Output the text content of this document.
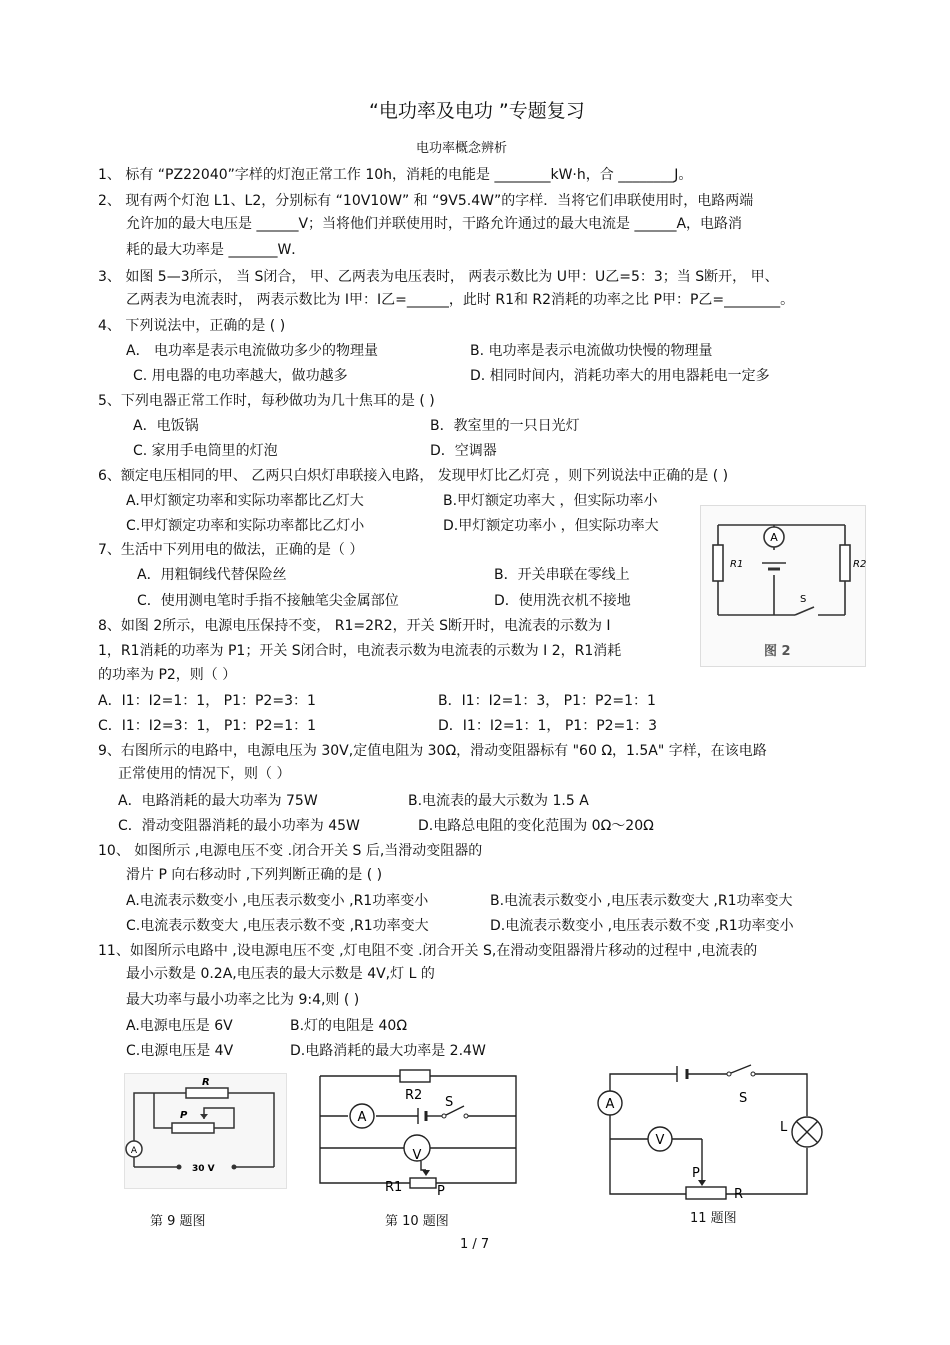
“电功率及电功 ”专题复习
电功率概念辨析
1、 标有 “PZ22040”字样的灯泡正常工作 10h，消耗的电能是 ________kW·h，合 ________J。
2、 现有两个灯泡 L1、L2，分别标有 “10V10W” 和 “9V5.4W”的字样．当将它们串联使用时，电路两端
允许加的最大电压是 ______V；当将他们并联使用时，干路允许通过的最大电流是 ______A，电路消
耗的最大功率是 _______W．
3、 如图 5—3所示， 当 S闭合， 甲、乙两表为电压表时， 两表示数比为 U甲：U乙=5：3；当 S断开， 甲、
乙两表为电流表时， 两表示数比为 I甲：I乙=______，此时 R1和 R2消耗的功率之比 P甲：P乙=________。
4、 下列说法中，正确的是 ( )
A． 电功率是表示电流做功多少的物理量	B. 电功率是表示电流做功快慢的物理量
C. 用电器的电功率越大，做功越多	D. 相同时间内，消耗功率大的用电器耗电一定多
5、下列电器正常工作时，每秒做功为几十焦耳的是 ( )
A．电饭锅	B．教室里的一只日光灯
C. 家用手电筒里的灯泡	D．空调器
6、额定电压相同的甲、 乙两只白炽灯串联接入电路， 发现甲灯比乙灯亮 ，则下列说法中正确的是 ( )
A.甲灯额定功率和实际功率都比乙灯大	B.甲灯额定功率大 ，但实际功率小
C.甲灯额定功率和实际功率都比乙灯小	D.甲灯额定功率小 ，但实际功率大
7、生活中下列用电的做法，正确的是（ ）
A．用粗铜线代替保险丝	B．开关串联在零线上
C．使用测电笔时手指不接触笔尖金属部位	D．使用洗衣机不接地
8、如图 2所示，电源电压保持不变， R1=2R2，开关 S断开时，电流表的示数为 I
1，R1消耗的功率为 P1；开关 S闭合时，电流表示数为电流表的示数为 I 2，R1消耗
的功率为 P2，则（ ）
A．I1：I2=1：1， P1：P2=3：1	B．I1：I2=1：3， P1：P2=1：1
C．I1：I2=3：1， P1：P2=1：1	D．I1：I2=1：1， P1：P2=1：3
9、右图所示的电路中，电源电压为 30V,定值电阻为 30Ω，滑动变阻器标有 "60 Ω，1.5A" 字样，在该电路
正常使用的情况下，则（ ）
A．电路消耗的最大功率为 75W	B.电流表的最大示数为 1.5 A
C．滑动变阻器消耗的最小功率为 45W	D.电路总电阻的变化范围为 0Ω～20Ω
10、 如图所示 ,电源电压不变 .闭合开关 S 后,当滑动变阻器的
滑片 P 向右移动时 ,下列判断正确的是 ( )
A.电流表示数变小 ,电压表示数变小 ,R1功率变小	B.电流表示数变小 ,电压表示数变大 ,R1功率变大
C.电流表示数变大 ,电压表示数不变 ,R1功率变大	D.电流表示数变小 ,电压表示数不变 ,R1功率变小
11、如图所示电路中 ,设电源电压不变 ,灯电阻不变 .闭合开关 S,在滑动变阻器滑片移动的过程中 ,电流表的
最小示数是 0.2A,电压表的最大示数是 4V,灯 L 的
最大功率与最小功率之比为 9:4,则 ( )
A.电源电压是 6V	B.灯的电阻是 40Ω
C.电源电压是 4V	D.电路消耗的最大功率是 2.4W
A
R1	R2
S
图 2
A
R
P
30 V
A
V
R2 S
R1	P
A
V
S
L
P
R
第 9 题图	第 10 题图	11 题图
1 / 7
